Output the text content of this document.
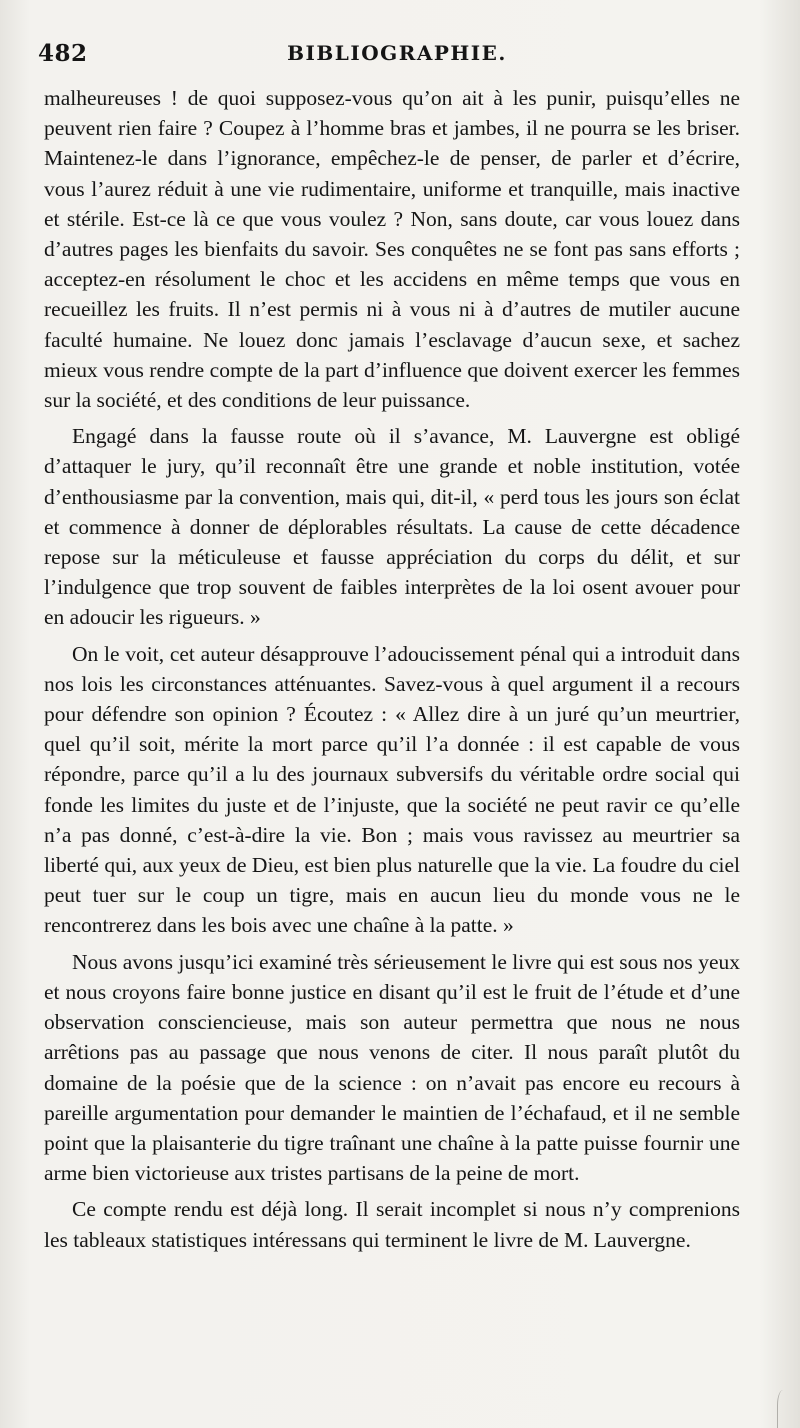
482	BIBLIOGRAPHIE.

malheureuses ! de quoi supposez-vous qu’on ait à les punir, puisqu’elles ne peuvent rien faire ? Coupez à l’homme bras et jambes, il ne pourra se les briser. Maintenez-le dans l’ignorance, empêchez-le de penser, de parler et d’écrire, vous l’aurez réduit à une vie rudimentaire, uniforme et tranquille, mais inactive et stérile. Est-ce là ce que vous voulez ? Non, sans doute, car vous louez dans d’autres pages les bienfaits du savoir. Ses conquêtes ne se font pas sans efforts ; acceptez-en résolument le choc et les accidens en même temps que vous en recueillez les fruits. Il n’est permis ni à vous ni à d’autres de mutiler aucune faculté humaine. Ne louez donc jamais l’esclavage d’aucun sexe, et sachez mieux vous rendre compte de la part d’influence que doivent exercer les femmes sur la société, et des conditions de leur puissance.

Engagé dans la fausse route où il s’avance, M. Lauvergne est obligé d’attaquer le jury, qu’il reconnaît être une grande et noble institution, votée d’enthousiasme par la convention, mais qui, dit-il, « perd tous les jours son éclat et commence à donner de déplorables résultats. La cause de cette décadence repose sur la méticuleuse et fausse appréciation du corps du délit, et sur l’indulgence que trop souvent de faibles interprètes de la loi osent avouer pour en adoucir les rigueurs. »

On le voit, cet auteur désapprouve l’adoucissement pénal qui a introduit dans nos lois les circonstances atténuantes. Savez-vous à quel argument il a recours pour défendre son opinion ? Écoutez : « Allez dire à un juré qu’un meurtrier, quel qu’il soit, mérite la mort parce qu’il l’a donnée : il est capable de vous répondre, parce qu’il a lu des journaux subversifs du véritable ordre social qui fonde les limites du juste et de l’injuste, que la société ne peut ravir ce qu’elle n’a pas donné, c’est-à-dire la vie. Bon ; mais vous ravissez au meurtrier sa liberté qui, aux yeux de Dieu, est bien plus naturelle que la vie. La foudre du ciel peut tuer sur le coup un tigre, mais en aucun lieu du monde vous ne le rencontrerez dans les bois avec une chaîne à la patte. »

Nous avons jusqu’ici examiné très sérieusement le livre qui est sous nos yeux et nous croyons faire bonne justice en disant qu’il est le fruit de l’étude et d’une observation consciencieuse, mais son auteur permettra que nous ne nous arrêtions pas au passage que nous venons de citer. Il nous paraît plutôt du domaine de la poésie que de la science : on n’avait pas encore eu recours à pareille argumentation pour demander le maintien de l’échafaud, et il ne semble point que la plaisanterie du tigre traînant une chaîne à la patte puisse fournir une arme bien victorieuse aux tristes partisans de la peine de mort.

Ce compte rendu est déjà long. Il serait incomplet si nous n’y comprenions les tableaux statistiques intéressans qui terminent le livre de M. Lauvergne.
